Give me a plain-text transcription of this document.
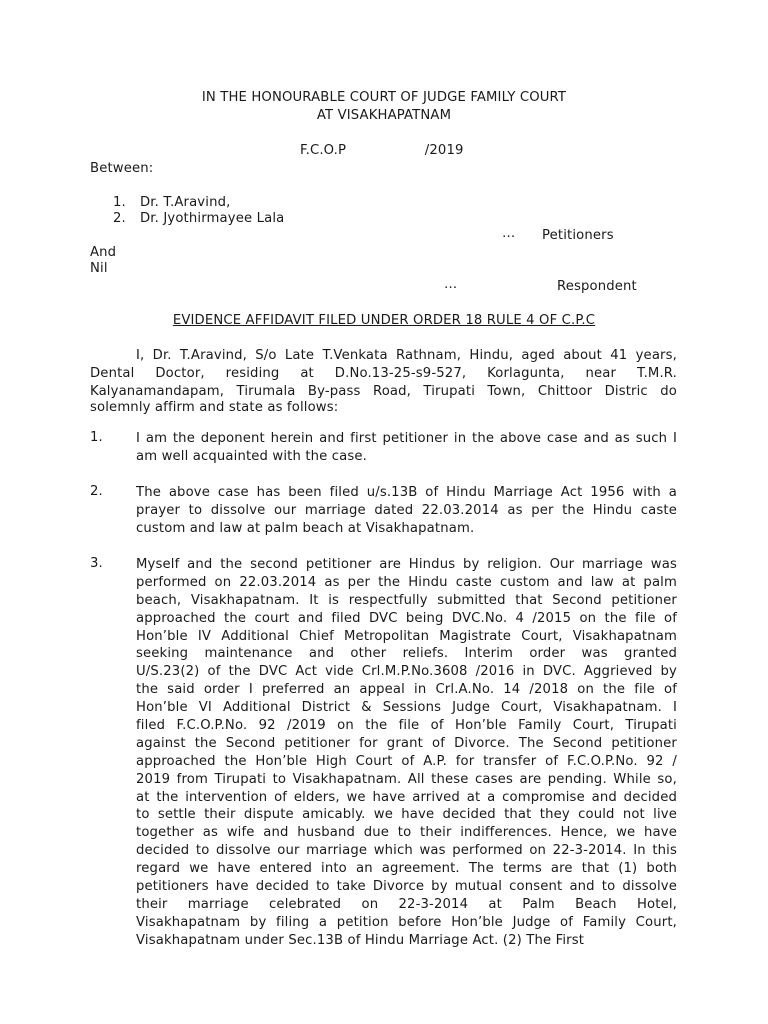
IN THE HONOURABLE COURT OF JUDGE FAMILY COURT
AT VISAKHAPATNAM
F.C.O.P	/2019
Between:
1. Dr. T.Aravind,
2. Dr. Jyothirmayee Lala
… Petitioners
And
Nil
…	Respondent
EVIDENCE AFFIDAVIT FILED UNDER ORDER 18 RULE 4 OF C.P.C
I, Dr. T.Aravind, S/o Late T.Venkata Rathnam, Hindu, aged about 41 years,
Dental Doctor, residing at D.No.13-25-s9-527, Korlagunta, near T.M.R.
Kalyanamandapam, Tirumala By-pass Road, Tirupati Town, Chittoor Distric do
solemnly affirm and state as follows:
1.	I am the deponent herein and first petitioner in the above case and as such I
am well acquainted with the case.
2.	The above case has been filed u/s.13B of Hindu Marriage Act 1956 with a
prayer to dissolve our marriage dated 22.03.2014 as per the Hindu caste
custom and law at palm beach at Visakhapatnam.
3.	Myself and the second petitioner are Hindus by religion. Our marriage was
performed on 22.03.2014 as per the Hindu caste custom and law at palm
beach, Visakhapatnam. It is respectfully submitted that Second petitioner
approached the court and filed DVC being DVC.No. 4 /2015 on the file of
Hon’ble IV Additional Chief Metropolitan Magistrate Court, Visakhapatnam
seeking maintenance and other reliefs. Interim order was granted
U/S.23(2) of the DVC Act vide Crl.M.P.No.3608 /2016 in DVC. Aggrieved by
the said order I preferred an appeal in Crl.A.No. 14 /2018 on the file of
Hon’ble VI Additional District & Sessions Judge Court, Visakhapatnam. I
filed F.C.O.P.No. 92 /2019 on the file of Hon’ble Family Court, Tirupati
against the Second petitioner for grant of Divorce. The Second petitioner
approached the Hon’ble High Court of A.P. for transfer of F.C.O.P.No. 92 /
2019 from Tirupati to Visakhapatnam. All these cases are pending. While so,
at the intervention of elders, we have arrived at a compromise and decided
to settle their dispute amicably. we have decided that they could not live
together as wife and husband due to their indifferences. Hence, we have
decided to dissolve our marriage which was performed on 22-3-2014. In this
regard we have entered into an agreement. The terms are that (1) both
petitioners have decided to take Divorce by mutual consent and to dissolve
their marriage celebrated on 22-3-2014 at Palm Beach Hotel,
Visakhapatnam by filing a petition before Hon’ble Judge of Family Court,
Visakhapatnam under Sec.13B of Hindu Marriage Act. (2) The First
